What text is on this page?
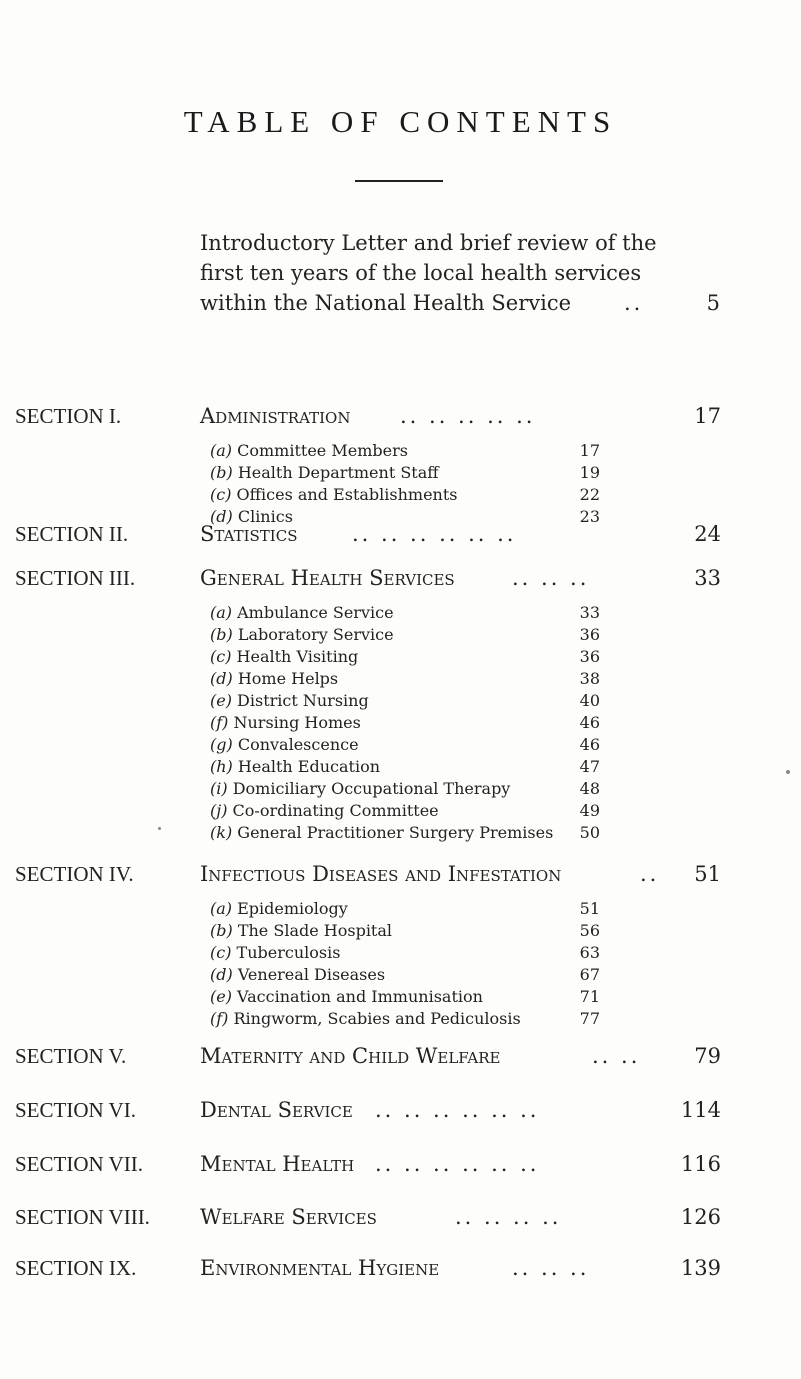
TABLE OF CONTENTS
Introductory Letter and brief review of the
first ten years of the local health services
within the National Health Service	..	5
SECTION I.	Administration .. .. .. .. ..	17
(a) Committee Members	17
(b) Health Department Staff	19
(c) Offices and Establishments	22
(d) Clinics	23
SECTION II.	Statistics	.. .. .. .. .. ..	24
SECTION III.	General Health Services	.. .. ..	33
(a) Ambulance Service	33
(b) Laboratory Service	36
(c) Health Visiting	36
(d) Home Helps	38
(e) District Nursing	40
(f) Nursing Homes	46
(g) Convalescence	46
(h) Health Education	47
(i) Domiciliary Occupational Therapy	48
(j) Co-ordinating Committee	49
(k) General Practitioner Surgery Premises 50
SECTION IV.	Infectious Diseases and Infestation	.. 51
(a) Epidemiology	51
(b) The Slade Hospital	56
(c) Tuberculosis	63
(d) Venereal Diseases	67
(e) Vaccination and Immunisation	71
(f) Ringworm, Scabies and Pediculosis	77
SECTION V.	Maternity and Child Welfare	.. ..	79
SECTION VI.	Dental Service .. .. .. .. .. ..	114
SECTION VII.	Mental Health .. .. .. .. .. ..	116
SECTION VIII. Welfare Services	.. .. .. ..	126
SECTION IX.	Environmental Hygiene	.. .. ..	139
